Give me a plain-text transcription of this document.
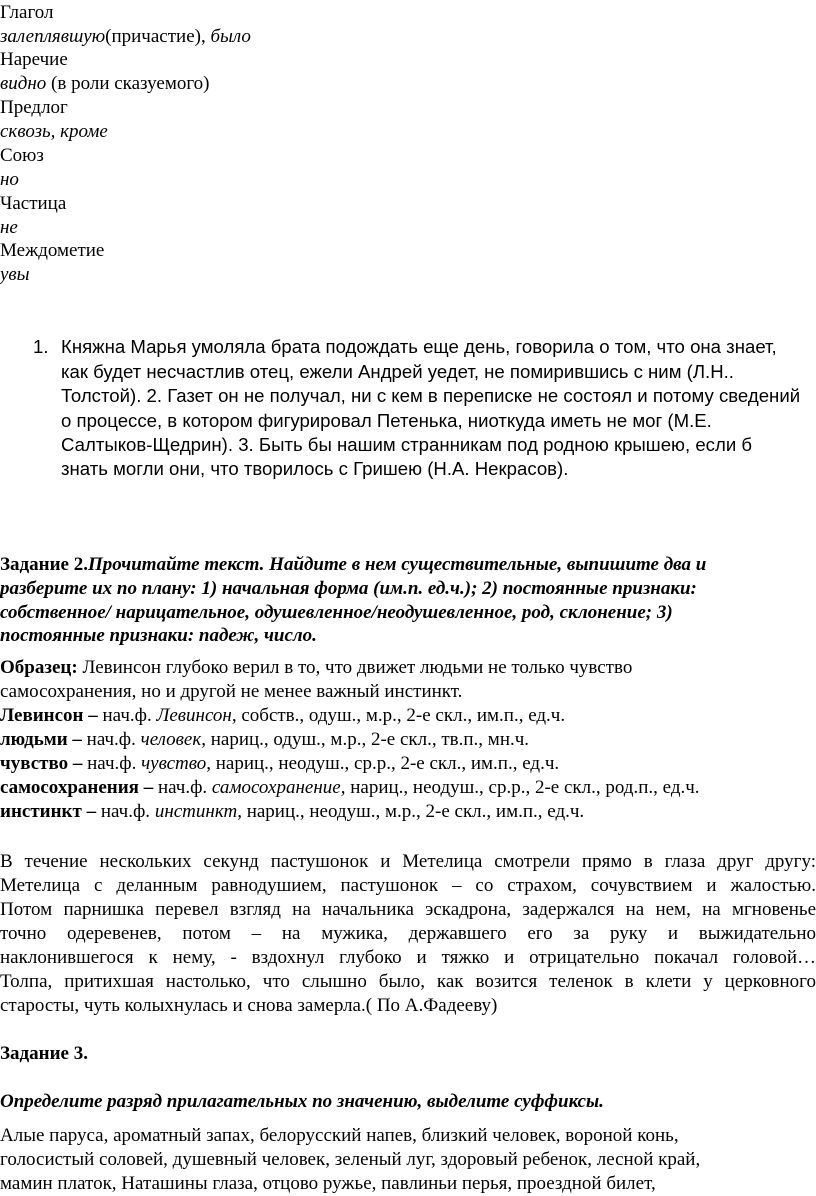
Глагол
залеплявшую(причастие), было
Наречие
видно (в роли сказуемого)
Предлог
сквозь, кроме
Союз
но
Частица
не
Междометие
увы
1. Княжна Марья умоляла брата подождать еще день, говорила о том, что она знает,
как будет несчастлив отец, ежели Андрей уедет, не помирившись с ним (Л.Н..
Толстой). 2. Газет он не получал, ни с кем в переписке не состоял и потому сведений
о процессе, в котором фигурировал Петенька, ниоткуда иметь не мог (М.Е.
Салтыков-Щедрин). 3. Быть бы нашим странникам под родною крышею, если б
знать могли они, что творилось с Гришею (Н.А. Некрасов).
Задание 2.Прочитайте текст. Найдите в нем существительные, выпишите два и
разберите их по плану: 1) начальная форма (им.п. ед.ч.); 2) постоянные признаки:
собственное/ нарицательное, одушевленное/неодушевленное, род, склонение; 3)
постоянные признаки: падеж, число.
Образец: Левинсон глубоко верил в то, что движет людьми не только чувство
самосохранения, но и другой не менее важный инстинкт.
Левинсон – нач.ф. Левинсон, собств., одуш., м.р., 2-е скл., им.п., ед.ч.
людьми – нач.ф. человек, нариц., одуш., м.р., 2-е скл., тв.п., мн.ч.
чувство – нач.ф. чувство, нариц., неодуш., ср.р., 2-е скл., им.п., ед.ч.
самосохранения – нач.ф. самосохранение, нариц., неодуш., ср.р., 2-е скл., род.п., ед.ч.
инстинкт – нач.ф. инстинкт, нариц., неодуш., м.р., 2-е скл., им.п., ед.ч.
В течение нескольких секунд пастушонок и Метелица смотрели прямо в глаза друг другу:
Метелица с деланным равнодушием, пастушонок – со страхом, сочувствием и жалостью.
Потом парнишка перевел взгляд на начальника эскадрона, задержался на нем, на мгновенье
точно одеревенев, потом – на мужика, державшего его за руку и выжидательно
наклонившегося к нему, - вздохнул глубоко и тяжко и отрицательно покачал головой…
Толпа, притихшая настолько, что слышно было, как возится теленок в клети у церковного
старосты, чуть колыхнулась и снова замерла.( По А.Фадееву)
Задание 3.
Определите разряд прилагательных по значению, выделите суффиксы.
Алые паруса, ароматный запах, белорусский напев, близкий человек, вороной конь,
голосистый соловей, душевный человек, зеленый луг, здоровый ребенок, лесной край,
мамин платок, Наташины глаза, отцово ружье, павлиньи перья, проездной билет,
